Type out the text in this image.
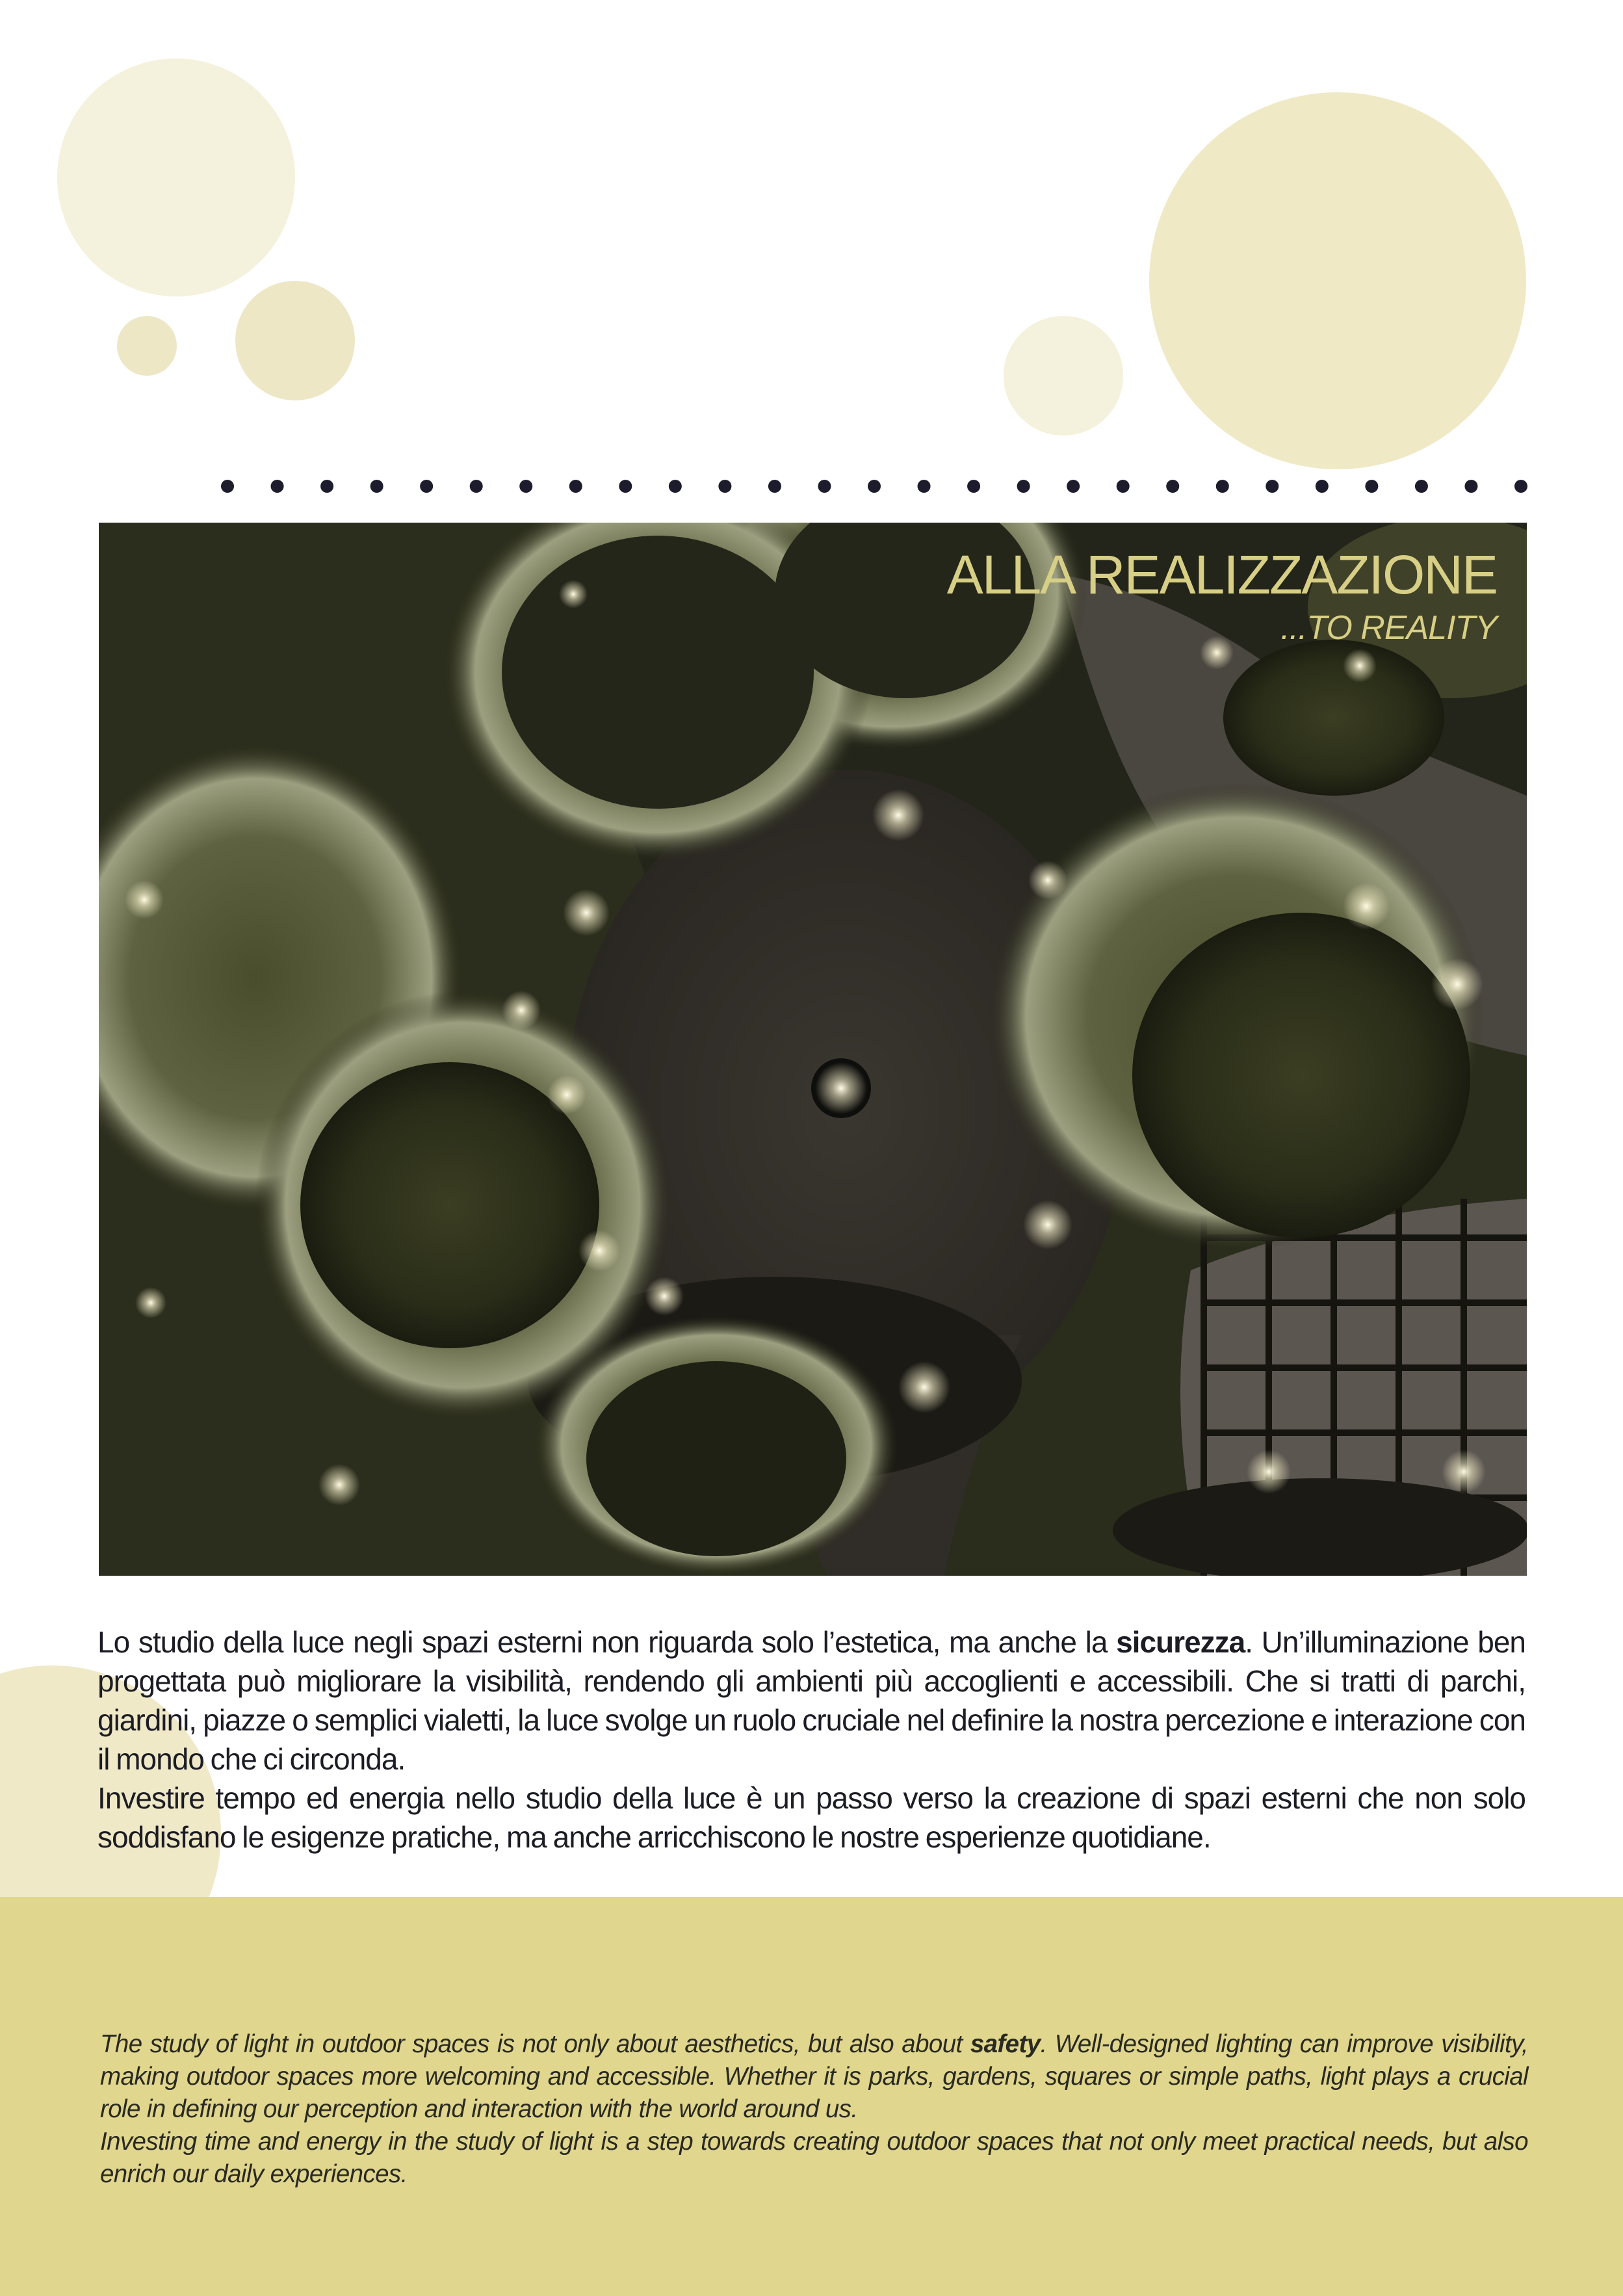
ALLA REALIZZAZIONE
...TO REALITY

Lo studio della luce negli spazi esterni non riguarda solo l’estetica, ma anche la sicurezza. Un’illuminazione ben progettata può migliorare la visibilità, rendendo gli ambienti più accoglienti e accessibili. Che si tratti di parchi, giardini, piazze o semplici vialetti, la luce svolge un ruolo cruciale nel definire la nostra percezione e interazione con il mondo che ci circonda.

Investire tempo ed energia nello studio della luce è un passo verso la creazione di spazi esterni che non solo soddisfano le esigenze pratiche, ma anche arricchiscono le nostre esperienze quotidiane.

The study of light in outdoor spaces is not only about aesthetics, but also about safety. Well-designed lighting can improve visibility, making outdoor spaces more welcoming and accessible. Whether it is parks, gardens, squares or simple paths, light plays a crucial role in defining our perception and interaction with the world around us.

Investing time and energy in the study of light is a step towards creating outdoor spaces that not only meet practical needs, but also enrich our daily experiences.
